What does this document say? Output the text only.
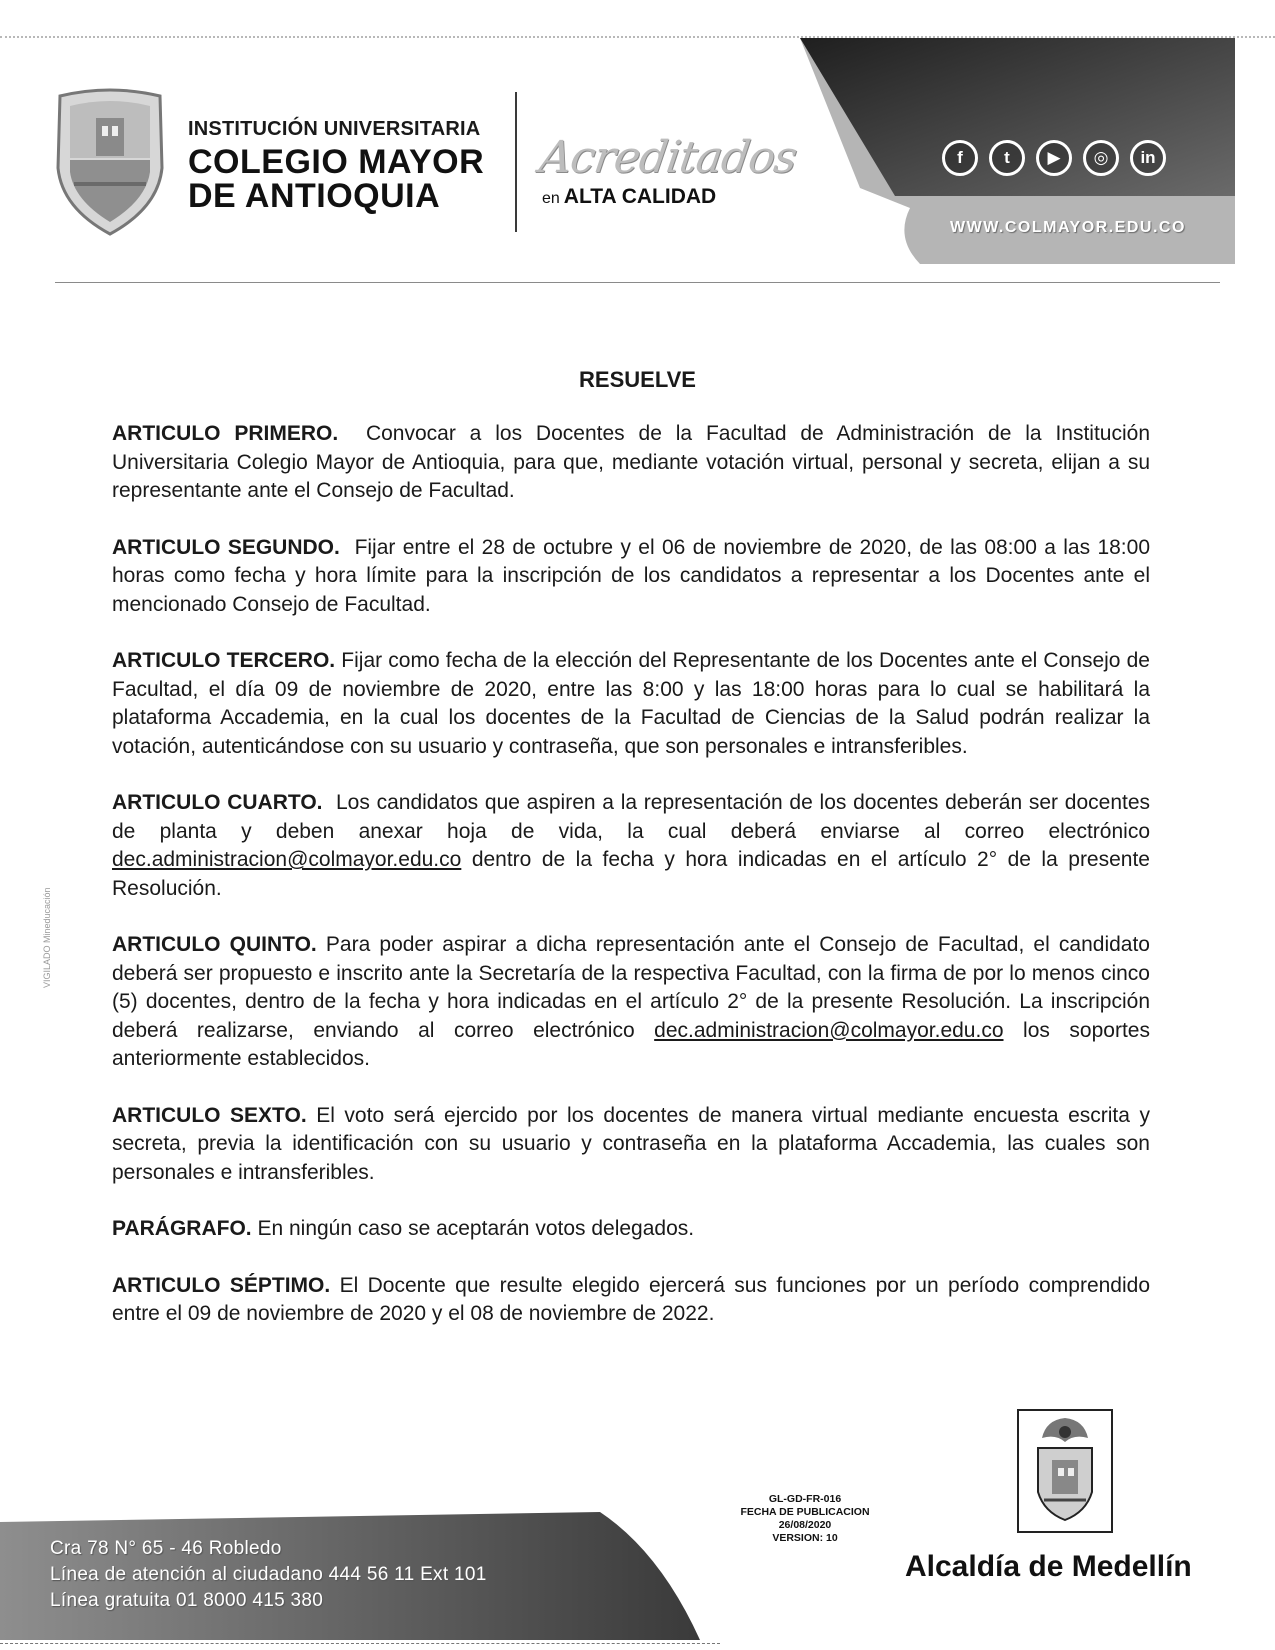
INSTITUCIÓN UNIVERSITARIA
COLEGIO MAYOR
DE ANTIOQUIA
Acreditados
en ALTA CALIDAD
f	t	▶	◎	in
WWW.COLMAYOR.EDU.CO
RESUELVE

ARTICULO PRIMERO. Convocar a los Docentes de la Facultad de Administración de la Institución Universitaria Colegio Mayor de Antioquia, para que, mediante votación virtual, personal y secreta, elijan a su representante ante el Consejo de Facultad.

ARTICULO SEGUNDO. Fijar entre el 28 de octubre y el 06 de noviembre de 2020, de las 08:00 a las 18:00 horas como fecha y hora límite para la inscripción de los candidatos a representar a los Docentes ante el mencionado Consejo de Facultad.

ARTICULO TERCERO. Fijar como fecha de la elección del Representante de los Docentes ante el Consejo de Facultad, el día 09 de noviembre de 2020, entre las 8:00 y las 18:00 horas para lo cual se habilitará la plataforma Accademia, en la cual los docentes de la Facultad de Ciencias de la Salud podrán realizar la votación, autenticándose con su usuario y contraseña, que son personales e intransferibles.

ARTICULO CUARTO. Los candidatos que aspiren a la representación de los docentes deberán ser docentes de planta y deben anexar hoja de vida, la cual deberá enviarse al correo electrónico dec.administracion@colmayor.edu.co dentro de la fecha y hora indicadas en el artículo 2° de la presente Resolución.

ARTICULO QUINTO. Para poder aspirar a dicha representación ante el Consejo de Facultad, el candidato deberá ser propuesto e inscrito ante la Secretaría de la respectiva Facultad, con la firma de por lo menos cinco (5) docentes, dentro de la fecha y hora indicadas en el artículo 2° de la presente Resolución. La inscripción deberá realizarse, enviando al correo electrónico dec.administracion@colmayor.edu.co los soportes anteriormente establecidos.

ARTICULO SEXTO. El voto será ejercido por los docentes de manera virtual mediante encuesta escrita y secreta, previa la identificación con su usuario y contraseña en la plataforma Accademia, las cuales son personales e intransferibles.

PARÁGRAFO. En ningún caso se aceptarán votos delegados.

ARTICULO SÉPTIMO. El Docente que resulte elegido ejercerá sus funciones por un período comprendido entre el 09 de noviembre de 2020 y el 08 de noviembre de 2022.

VIGILADO Mineducación
Cra 78 N° 65 - 46 Robledo
Línea de atención al ciudadano 444 56 11 Ext 101
Línea gratuita 01 8000 415 380
GL-GD-FR-016
FECHA DE PUBLICACION
26/08/2020
VERSION: 10
Alcaldía de Medellín
